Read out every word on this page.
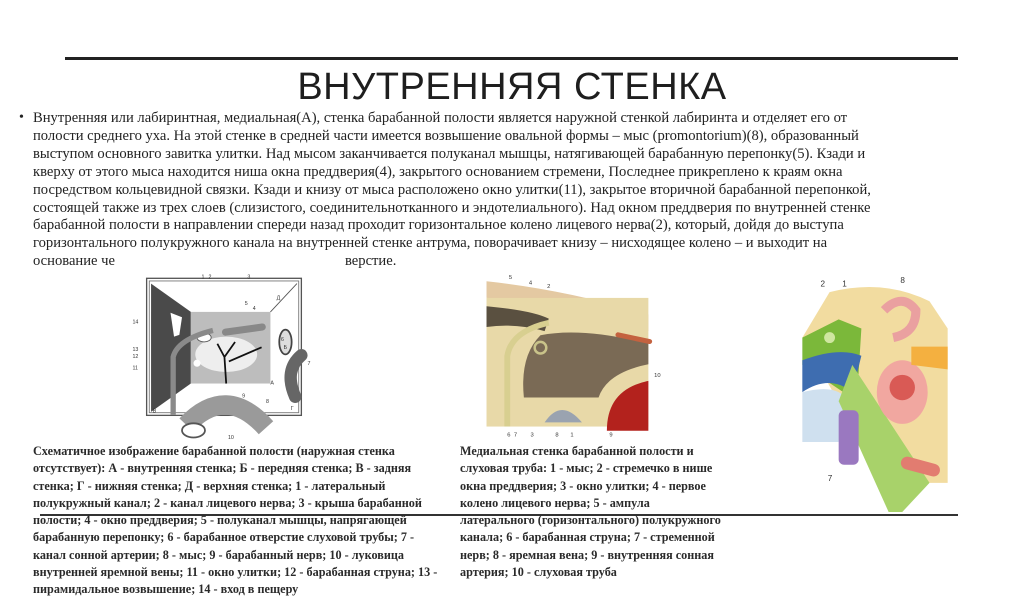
ВНУТРЕННЯЯ СТЕНКА
• Внутренняя или лабиринтная, медиальная(А), стенка барабанной полости является наружной стенкой лабиринта и отделяет его от
полости среднего уха. На этой стенке в средней части имеется возвышение овальной формы – мыс (promontorium)(8), образованный
выступом основного завитка улитки. Над мысом заканчивается полуканал мышцы, натягивающей барабанную перепонку(5). Кзади и
кверху от этого мыса находится ниша окна преддверия(4), закрытого основанием стремени, Последнее прикреплено к краям окна
посредством кольцевидной связки. Кзади и книзу от мыса расположено окно улитки(11), закрытое вторичной барабанной перепонкой,
состоящей также из трех слоев (слизистого, соединительнотканного и эндотелиального). Над окном преддверия по внутренней стенке
барабанной полости в направлении спереди назад проходит горизонтальное колено лицевого нерва(2), который, дойдя до выступа
горизонтального полукружного канала на внутренней стенке антрума, поворачивает книзу – нисходящее колено – и выходит на
основание че	верстие.
1 2	3
4
5
6
7
8
9
10
11
12
13
14
А
Б
В	Г
Д
5
4
2
10
6 7 3	8 1	9
2 1	8
7
Схематичное изображение барабанной полости (наружная стенка
отсутствует): А - внутренняя стенка; Б - передняя стенка; В - задняя
стенка; Г - нижняя стенка; Д - верхняя стенка; 1 - латеральный
полукружный канал; 2 - канал лицевого нерва; 3 - крыша барабанной
полости; 4 - окно преддверия; 5 - полуканал мышцы, напрягающей
барабанную перепонку; 6 - барабанное отверстие слуховой трубы; 7 -
канал сонной артерии; 8 - мыс; 9 - барабанный нерв; 10 - луковица
внутренней яремной вены; 11 - окно улитки; 12 - барабанная струна; 13 -
пирамидальное возвышение; 14 - вход в пещеру
Медиальная стенка барабанной полости и
слуховая труба: 1 - мыс; 2 - стремечко в нише
окна преддверия; 3 - окно улитки; 4 - первое
колено лицевого нерва; 5 - ампула
латерального (горизонтального) полукружного
канала; 6 - барабанная струна; 7 - стременной
нерв; 8 - яремная вена; 9 - внутренняя сонная
артерия; 10 - слуховая труба
